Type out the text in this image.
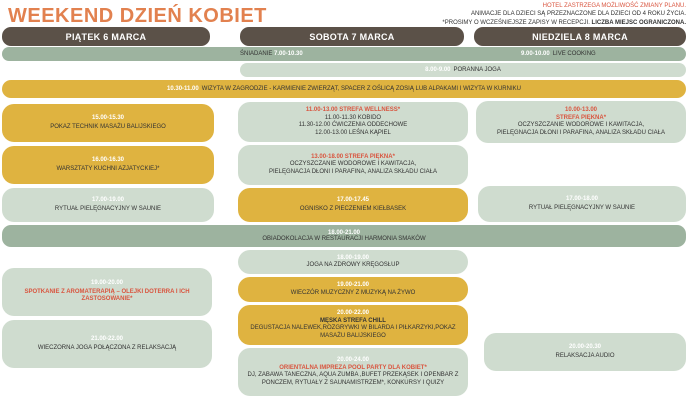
WEEKEND DZIEŃ KOBIET	HOTEL ZASTRZEGA MOŻLIWOŚĆ ZMIANY PLANU.
ANIMACJE DLA DZIECI SĄ PRZEZNACZONE DLA DZIECI OD 4 ROKU ŻYCIA.
*PROSIMY O WCZEŚNIEJSZE ZAPISY W RECEPCJI. LICZBA MIEJSC OGRANICZONA.
PIĄTEK 6 MARCA	SOBOTA 7 MARCA	NIEDZIELA 8 MARCA
ŚNIADANIE 7.00-10.30	9.00-10.00 LIVE COOKING
8.00-9.00 PORANNA JOGA
10.30-11.00 WIZYTA W ZAGRODZIE - KARMIENIE ZWIERZĄT, SPACER Z OŚLICĄ ZOSIĄ LUB ALPAKAMI I WIZYTA W KURNIKU
15.00-15.30
POKAZ TECHNIK MASAŻU BALIJSKIEGO
16.00-16.30
WARSZTATY KUCHNI AZJATYCKIEJ*
17.00-19.00
RYTUAŁ PIELĘGNACYJNY W SAUNIE
18.00-21.00
OBIADOKOLACJA W RESTAURACJI HARMONIA SMAKÓW
19.00-20.00
SPOTKANIE Z AROMATERAPIĄ – OLEJKI DOTERRA I ICH ZASTOSOWANIE*
21.00-22.00
WIECZORNA JOGA POŁĄCZONA Z RELAKSACJĄ
11.00-13.00 STREFA WELLNESS*
11.00-11.30 KOBIDO
11.30-12.00 ĆWICZENIA ODDECHOWE
12.00-13.00 LEŚNA KĄPIEL
13.00-18.00 STREFA PIĘKNA*
OCZYSZCZANIE WODOROWE I KAWITACJA,
PIELĘGNACJA DŁONI I PARAFINA, ANALIZA SKŁADU CIAŁA
17.00-17.45
OGNISKO Z PIECZENIEM KIEŁBASEK
18.00-19.00
JOGA NA ZDROWY KRĘGOSŁUP
19.00-21.00
WIECZÓR MUZYCZNY Z MUZYKĄ NA ŻYWO
20.00-22.00
MĘSKA STREFA CHILL
DEGUSTACJA NALEWEK,ROZGRYWKI W BILARDA I PIŁKARZYKI,POKAZ
MASAŻU BALIJSKIEGO
20.00-24.00
ORIENTALNA IMPREZA POOL PARTY DLA KOBIET*
DJ, ZABAWA TANECZNA, AQUA ZUMBA ,BUFET PRZEKĄSEK I OPENBAR Z
PONCZEM, RYTUAŁY Z SAUNAMISTRZEM*, KONKURSY I QUIZY
10.00-13.00
STREFA PIĘKNA*
OCZYSZCZANIE WODOROWE I KAWITACJA,
PIELĘGNACJA DŁONI I PARAFINA, ANALIZA SKŁADU CIAŁA
17.00-18.00
RYTUAŁ PIELĘGNACYJNY W SAUNIE
20.00-20.30
RELAKSACJA AUDIO
